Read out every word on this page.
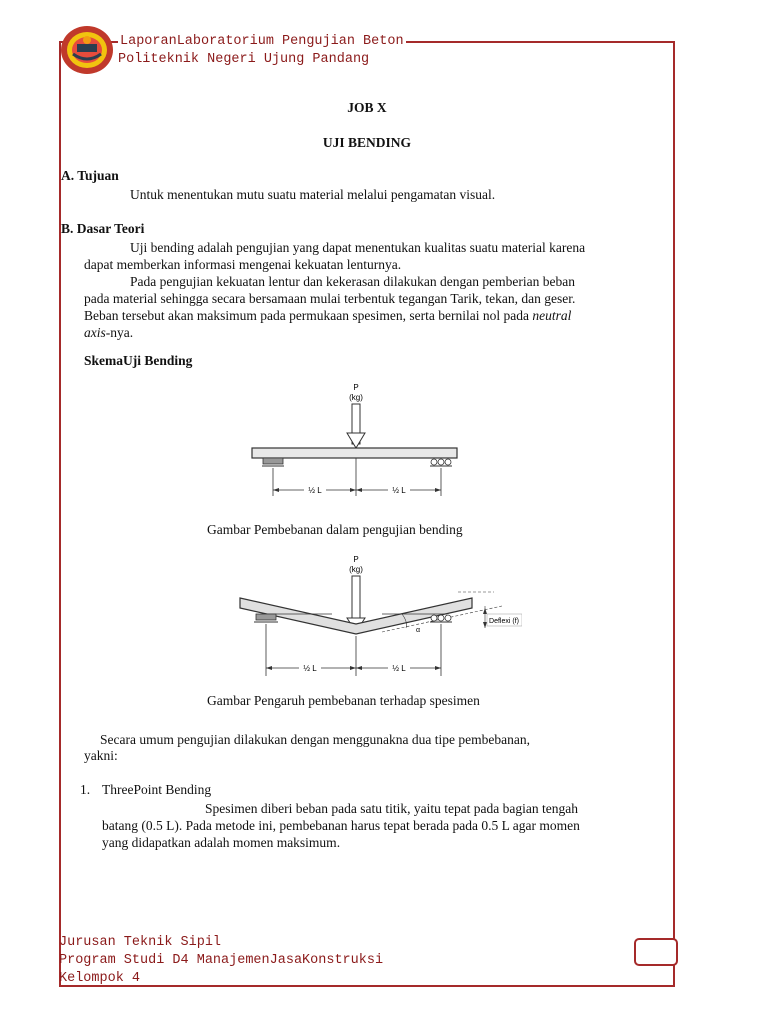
LaporanLaboratorium Pengujian Beton
Politeknik Negeri Ujung Pandang
JOB X
UJI BENDING
A. Tujuan
Untuk menentukan mutu suatu material melalui pengamatan visual.
B. Dasar Teori
Uji bending adalah pengujian yang dapat menentukan kualitas suatu material karena
dapat memberkan informasi mengenai kekuatan lenturnya.
Pada pengujian kekuatan lentur dan kekerasan dilakukan dengan pemberian beban
pada material sehingga secara bersamaan mulai terbentuk tegangan Tarik, tekan, dan geser.
Beban tersebut akan maksimum pada permukaan spesimen, serta bernilai nol pada neutral
axis-nya.
SkemaUji Bending
P
(kg)
½ L	½ L
Gambar Pembebanan dalam pengujian bending
P
(kg)
α
Deflexi (f)
½ L	½ L
Gambar Pengaruh pembebanan terhadap spesimen
Secara umum pengujian dilakukan dengan menggunakna dua tipe pembebanan,
yakni:
1. ThreePoint Bending
Spesimen diberi beban pada satu titik, yaitu tepat pada bagian tengah
batang (0.5 L). Pada metode ini, pembebanan harus tepat berada pada 0.5 L agar momen
yang didapatkan adalah momen maksimum.
Jurusan Teknik Sipil
Program Studi D4 ManajemenJasaKonstruksi
Kelompok 4
